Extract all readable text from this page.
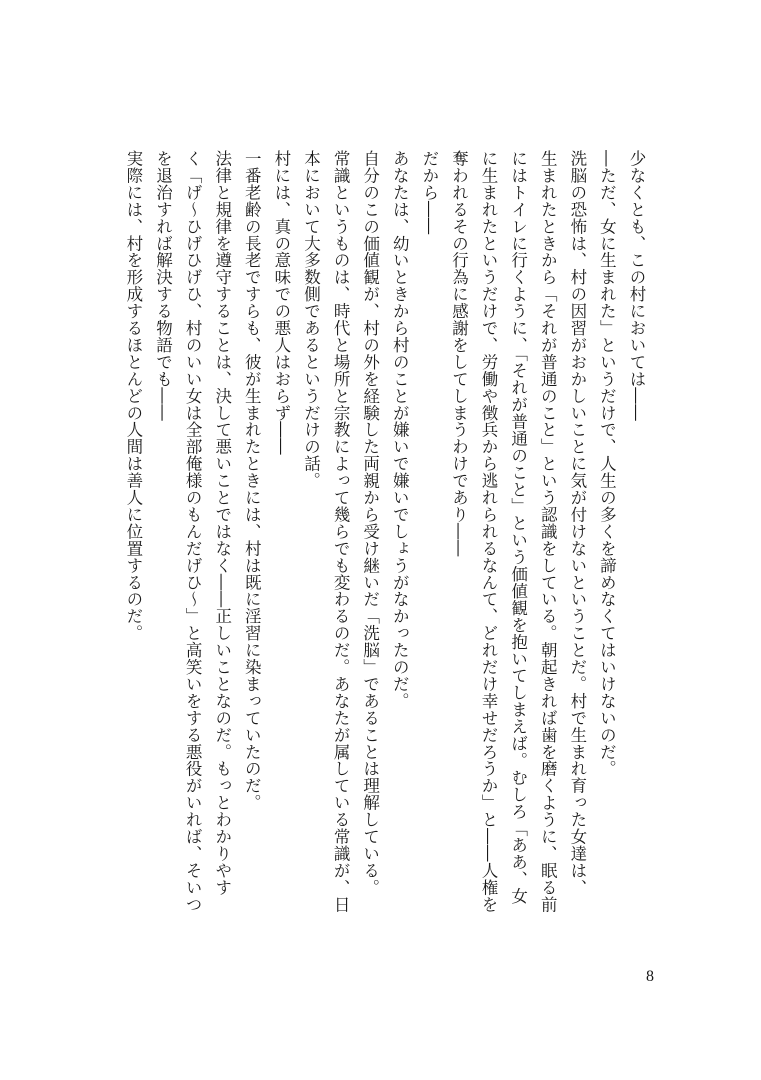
少なくとも、この村においては――
―ただ、女に生まれた」というだけで、人生の多くを諦めなくてはいけないのだ。
洗脳の恐怖は、村の因習がおかしいことに気が付けないということだ。村で生まれ育った女達は、
生まれたときから「それが普通のこと」という認識をしている。朝起きれば歯を磨くように、眠る前
にはトイレに行くように、「それが普通のこと」という価値観を抱いてしまえば。むしろ「ああ、女
に生まれたというだけで、労働や徴兵から逃れられるなんて、どれだけ幸せだろうか」と――人権を
奪われるその行為に感謝をしてしまうわけであり――
だから――
あなたは、幼いときから村のことが嫌いで嫌いでしょうがなかったのだ。
自分のこの価値観が、村の外を経験した両親から受け継いだ「洗脳」であることは理解している。
常識というものは、時代と場所と宗教によって幾らでも変わるのだ。あなたが属している常識が、日
本において大多数側であるというだけの話。
村には、真の意味での悪人はおらず――
一番老齢の長老ですらも、彼が生まれたときには、村は既に淫習に染まっていたのだ。
法律と規律を遵守することは、決して悪いことではなく――正しいことなのだ。もっとわかりやす
く「げ～ひげひげひ、村のいい女は全部俺様のもんだげひ～」と高笑いをする悪役がいれば、そいつ
を退治すれば解決する物語でも――
実際には、村を形成するほとんどの人間は善人に位置するのだ。
8
